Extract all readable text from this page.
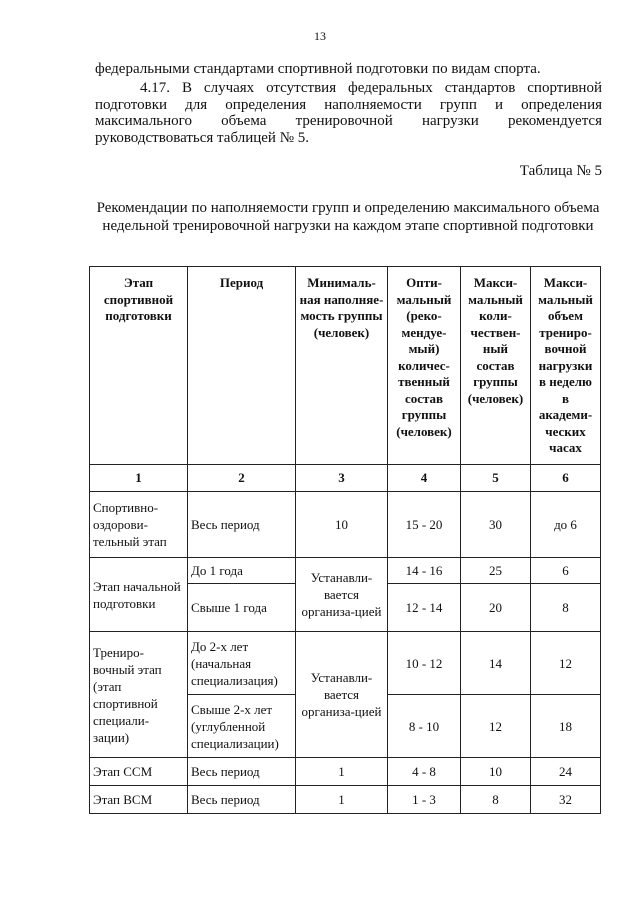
13

федеральными стандартами спортивной подготовки по видам спорта.

4.17. В случаях отсутствия федеральных стандартов спортивной подготовки для определения наполняемости групп и определения максимального объема тренировочной нагрузки рекомендуется руководствоваться таблицей № 5.

Таблица № 5
Рекомендации по наполняемости групп и определению максимального объема недельной тренировочной нагрузки на каждом этапе спортивной подготовки
Этап спортивной подготовки	Период	Минималь-ная наполняе-мость группы (человек)	Опти-мальный (реко-мендуе-мый) количес-твенный состав группы (человек)	Макси-мальный коли-чествен-ный состав группы (человек)	Макси-мальный объем трениро-вочной нагрузки в неделю в академи-ческих часах
1	2	3	4	5	6
Спортивно-оздорови-тельный этап	Весь период	10	15 - 20	30	до 6
Этап начальной подготовки	До 1 года	Устанавли-вается организа-цией	14 - 16	25	6
	Свыше 1 года		12 - 14	20	8
Трениро-вочный этап (этап спортивной специали-зации)	До 2-х лет (начальная специализация)	Устанавли-вается организа-цией	10 - 12	14	12
	Свыше 2-х лет (углубленной специализации)		8 - 10	12	18
Этап ССМ	Весь период	1	4 - 8	10	24
Этап ВСМ	Весь период	1	1 - 3	8	32
